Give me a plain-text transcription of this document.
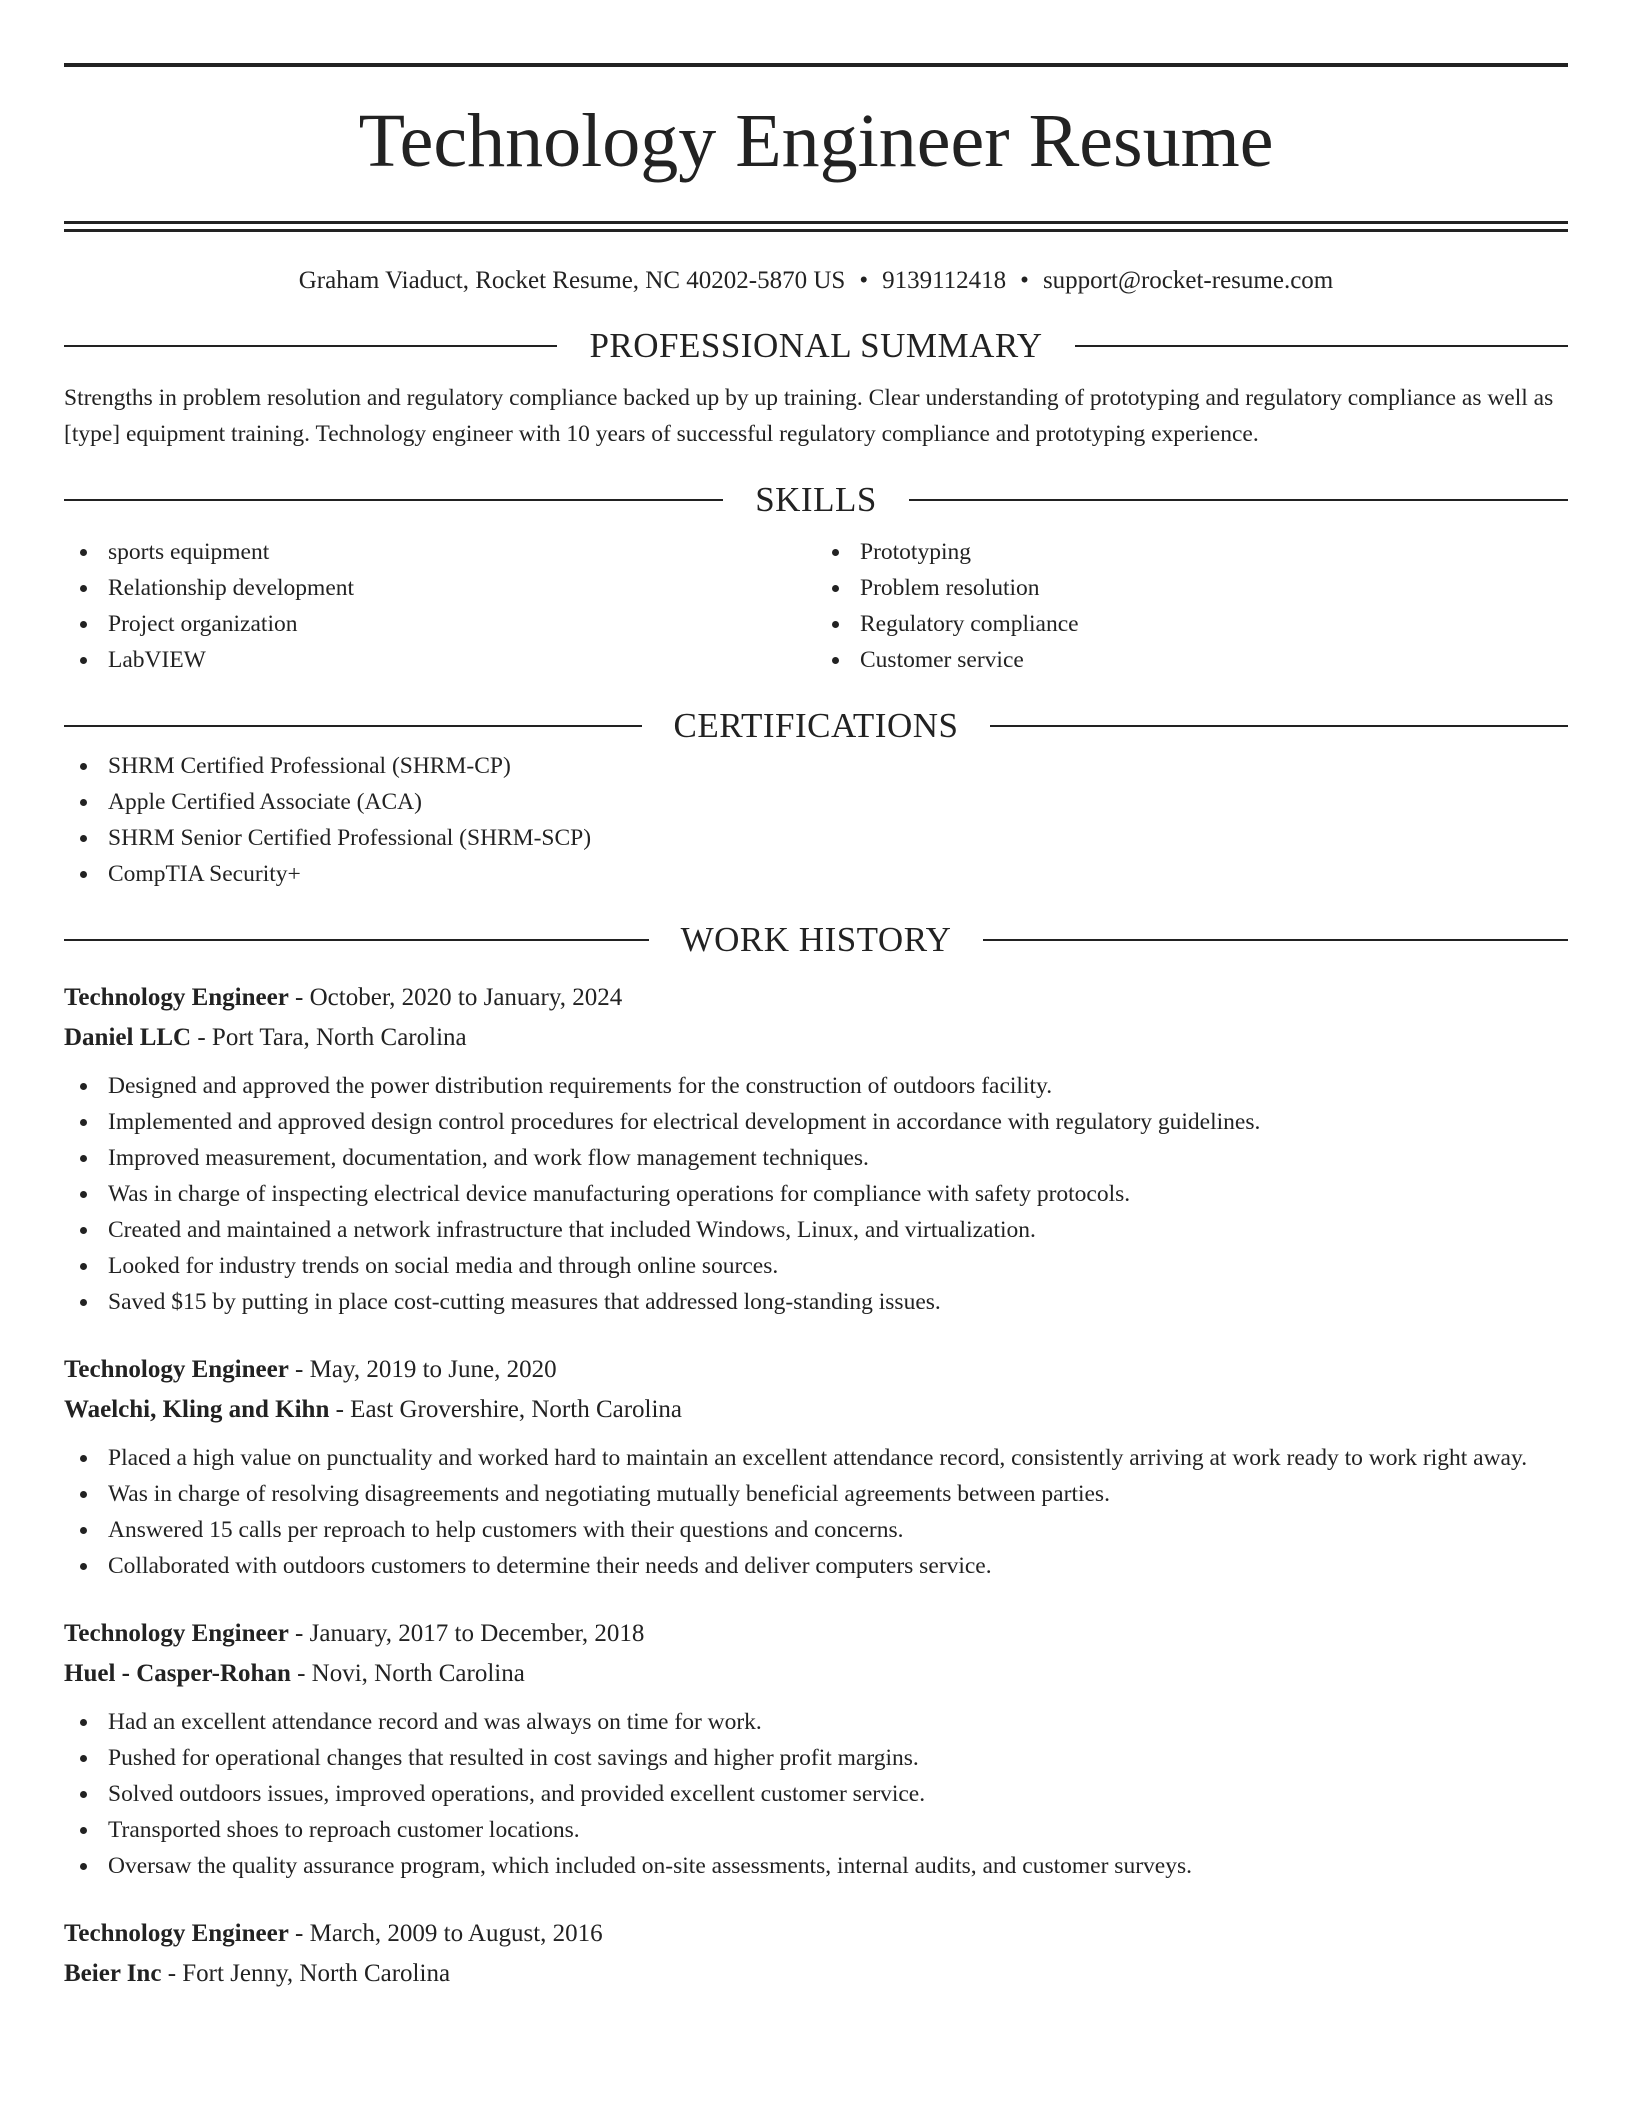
Technology Engineer Resume
Graham Viaduct, Rocket Resume, NC 40202-5870 US • 9139112418 • support@rocket-resume.com
PROFESSIONAL SUMMARY

Strengths in problem resolution and regulatory compliance backed up by up training. Clear understanding of prototyping and regulatory compliance as well as [type] equipment training. Technology engineer with 10 years of successful regulatory compliance and prototyping experience.

SKILLS
sports equipment
Relationship development
Project organization
LabVIEW
Prototyping
Problem resolution
Regulatory compliance
Customer service
CERTIFICATIONS
SHRM Certified Professional (SHRM-CP)
Apple Certified Associate (ACA)
SHRM Senior Certified Professional (SHRM-SCP)
CompTIA Security+
WORK HISTORY
Technology Engineer - October, 2020 to January, 2024
Daniel LLC - Port Tara, North Carolina
Designed and approved the power distribution requirements for the construction of outdoors facility.
Implemented and approved design control procedures for electrical development in accordance with regulatory guidelines.
Improved measurement, documentation, and work flow management techniques.
Was in charge of inspecting electrical device manufacturing operations for compliance with safety protocols.
Created and maintained a network infrastructure that included Windows, Linux, and virtualization.
Looked for industry trends on social media and through online sources.
Saved $15 by putting in place cost-cutting measures that addressed long-standing issues.
Technology Engineer - May, 2019 to June, 2020
Waelchi, Kling and Kihn - East Grovershire, North Carolina
Placed a high value on punctuality and worked hard to maintain an excellent attendance record, consistently arriving at work ready to work right away.
Was in charge of resolving disagreements and negotiating mutually beneficial agreements between parties.
Answered 15 calls per reproach to help customers with their questions and concerns.
Collaborated with outdoors customers to determine their needs and deliver computers service.
Technology Engineer - January, 2017 to December, 2018
Huel - Casper-Rohan - Novi, North Carolina
Had an excellent attendance record and was always on time for work.
Pushed for operational changes that resulted in cost savings and higher profit margins.
Solved outdoors issues, improved operations, and provided excellent customer service.
Transported shoes to reproach customer locations.
Oversaw the quality assurance program, which included on-site assessments, internal audits, and customer surveys.
Technology Engineer - March, 2009 to August, 2016
Beier Inc - Fort Jenny, North Carolina
